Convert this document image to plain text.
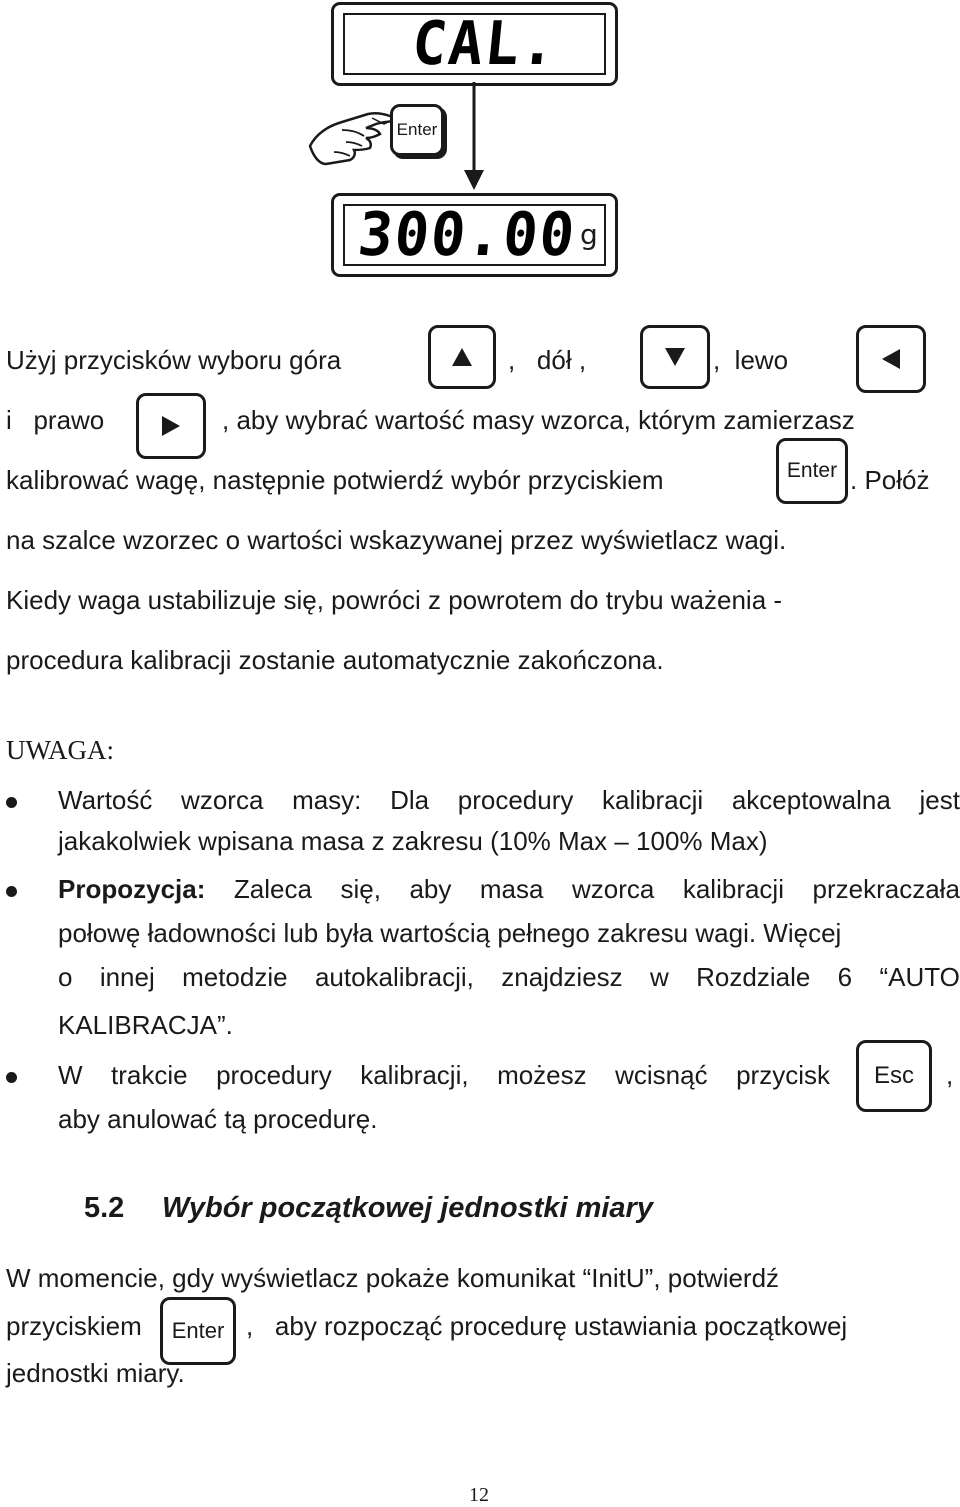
CAL.
Enter
300.00 g
Użyj przycisków wyboru góra	,   dół ,	,  lewo
i   prawo	, aby wybrać wartość masy wzorca, którym zamierzasz
kalibrować wagę, następnie potwierdź wybór przyciskiem	Enter . Połóż
na szalce wzorzec o wartości wskazywanej przez wyświetlacz wagi.
Kiedy waga ustabilizuje się, powróci z powrotem do trybu ważenia -
procedura kalibracji zostanie automatycznie zakończona.
UWAGA:
Wartość wzorca masy: Dla procedury kalibracji akceptowalna jest
jakakolwiek wpisana masa z zakresu (10% Max – 100% Max)
Propozycja: Zaleca się, aby masa wzorca kalibracji przekraczała
połowę ładowności lub była wartością pełnego zakresu wagi. Więcej
o innej metodzie autokalibracji, znajdziesz w Rozdziale 6 “AUTO
KALIBRACJA”.
W trakcie procedury kalibracji, możesz wcisnąć przycisk Esc ,
aby anulować tą procedurę.
5.2 Wybór początkowej jednostki miary
W momencie, gdy wyświetlacz pokaże komunikat “InitU”, potwierdź
przyciskiem Enter ,   aby rozpocząć procedurę ustawiania początkowej
jednostki miary.
12
